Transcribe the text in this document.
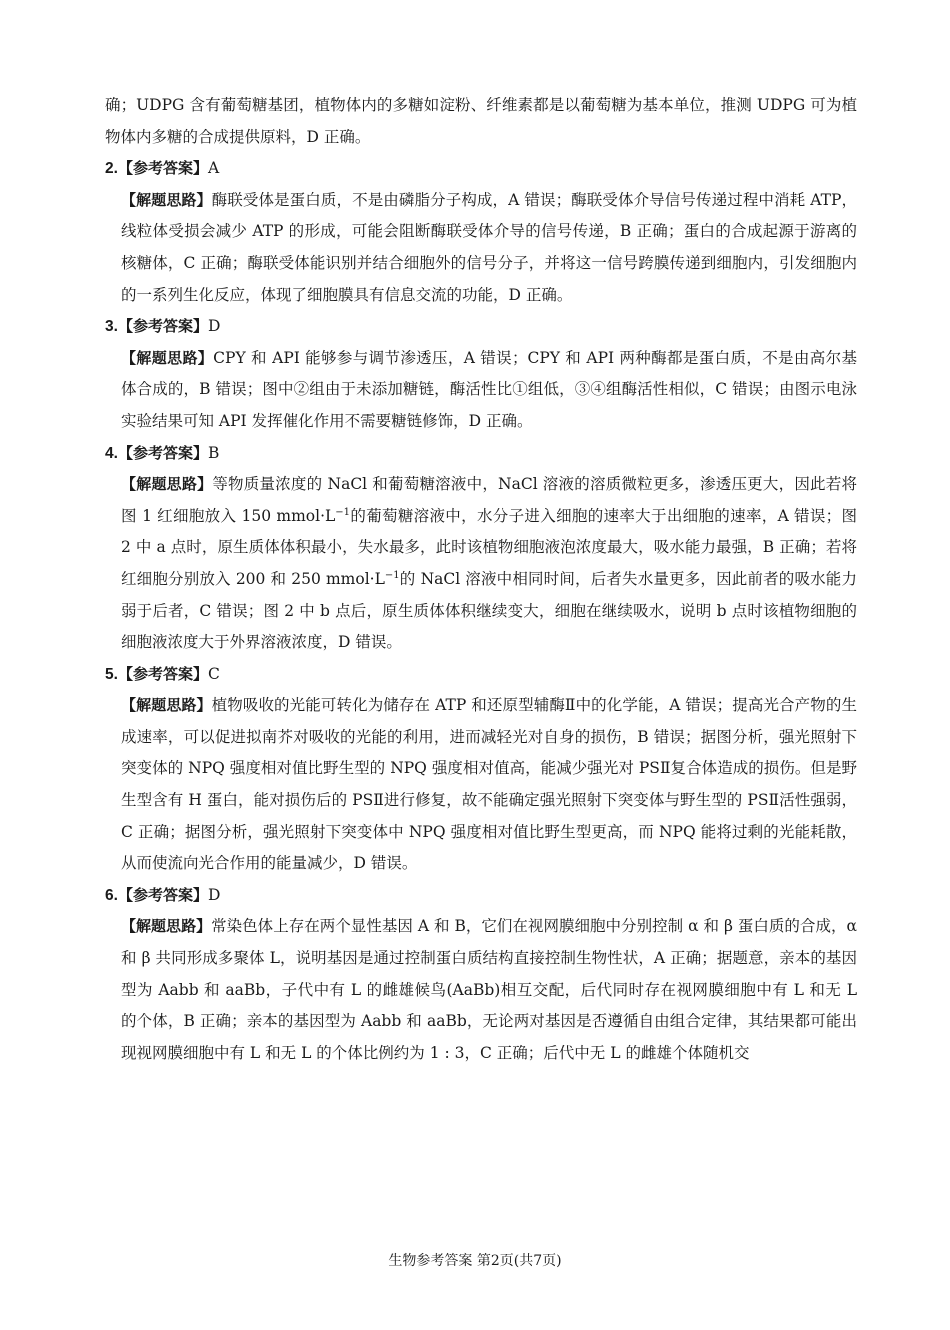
确；UDPG 含有葡萄糖基团，植物体内的多糖如淀粉、纤维素都是以葡萄糖为基本单位，推测 UDPG 可为植物体内多糖的合成提供原料，D 正确。

2.【参考答案】A

【解题思路】酶联受体是蛋白质，不是由磷脂分子构成，A 错误；酶联受体介导信号传递过程中消耗 ATP，线粒体受损会减少 ATP 的形成，可能会阻断酶联受体介导的信号传递，B 正确；蛋白的合成起源于游离的核糖体，C 正确；酶联受体能识别并结合细胞外的信号分子，并将这一信号跨膜传递到细胞内，引发细胞内的一系列生化反应，体现了细胞膜具有信息交流的功能，D 正确。

3.【参考答案】D

【解题思路】CPY 和 API 能够参与调节渗透压，A 错误；CPY 和 API 两种酶都是蛋白质，不是由高尔基体合成的，B 错误；图中②组由于未添加糖链，酶活性比①组低，③④组酶活性相似，C 错误；由图示电泳实验结果可知 API 发挥催化作用不需要糖链修饰，D 正确。

4.【参考答案】B

【解题思路】等物质量浓度的 NaCl 和葡萄糖溶液中，NaCl 溶液的溶质微粒更多，渗透压更大，因此若将图 1 红细胞放入 150 $mmol\cdot L^{-1}$的葡萄糖溶液中，水分子进入细胞的速率大于出细胞的速率，A 错误；图 2 中 a 点时，原生质体体积最小，失水最多，此时该植物细胞液泡浓度最大，吸水能力最强，B 正确；若将红细胞分别放入 200 和 250 $mmol\cdot L^{-1}$的 NaCl 溶液中相同时间，后者失水量更多，因此前者的吸水能力弱于后者，C 错误；图 2 中 b 点后，原生质体体积继续变大，细胞在继续吸水，说明 b 点时该植物细胞的细胞液浓度大于外界溶液浓度，D 错误。

5.【参考答案】C

【解题思路】植物吸收的光能可转化为储存在 ATP 和还原型辅酶Ⅱ中的化学能，A 错误；提高光合产物的生成速率，可以促进拟南芥对吸收的光能的利用，进而减轻光对自身的损伤，B 错误；据图分析，强光照射下突变体的 NPQ 强度相对值比野生型的 NPQ 强度相对值高，能减少强光对 PSⅡ复合体造成的损伤。但是野生型含有 H 蛋白，能对损伤后的 PSⅡ进行修复，故不能确定强光照射下突变体与野生型的 PSⅡ活性强弱，C 正确；据图分析，强光照射下突变体中 NPQ 强度相对值比野生型更高，而 NPQ 能将过剩的光能耗散，从而使流向光合作用的能量减少，D 错误。

6.【参考答案】D

【解题思路】常染色体上存在两个显性基因 A 和 B，它们在视网膜细胞中分别控制 α 和 β 蛋白质的合成，α 和 β 共同形成多聚体 L，说明基因是通过控制蛋白质结构直接控制生物性状，A 正确；据题意，亲本的基因型为 Aabb 和 aaBb，子代中有 L 的雌雄候鸟(AaBb)相互交配，后代同时存在视网膜细胞中有 L 和无 L 的个体，B 正确；亲本的基因型为 Aabb 和 aaBb，无论两对基因是否遵循自由组合定律，其结果都可能出现视网膜细胞中有 L 和无 L 的个体比例约为 1 : 3，C 正确；后代中无 L 的雌雄个体随机交

生物参考答案 第2页(共7页)
